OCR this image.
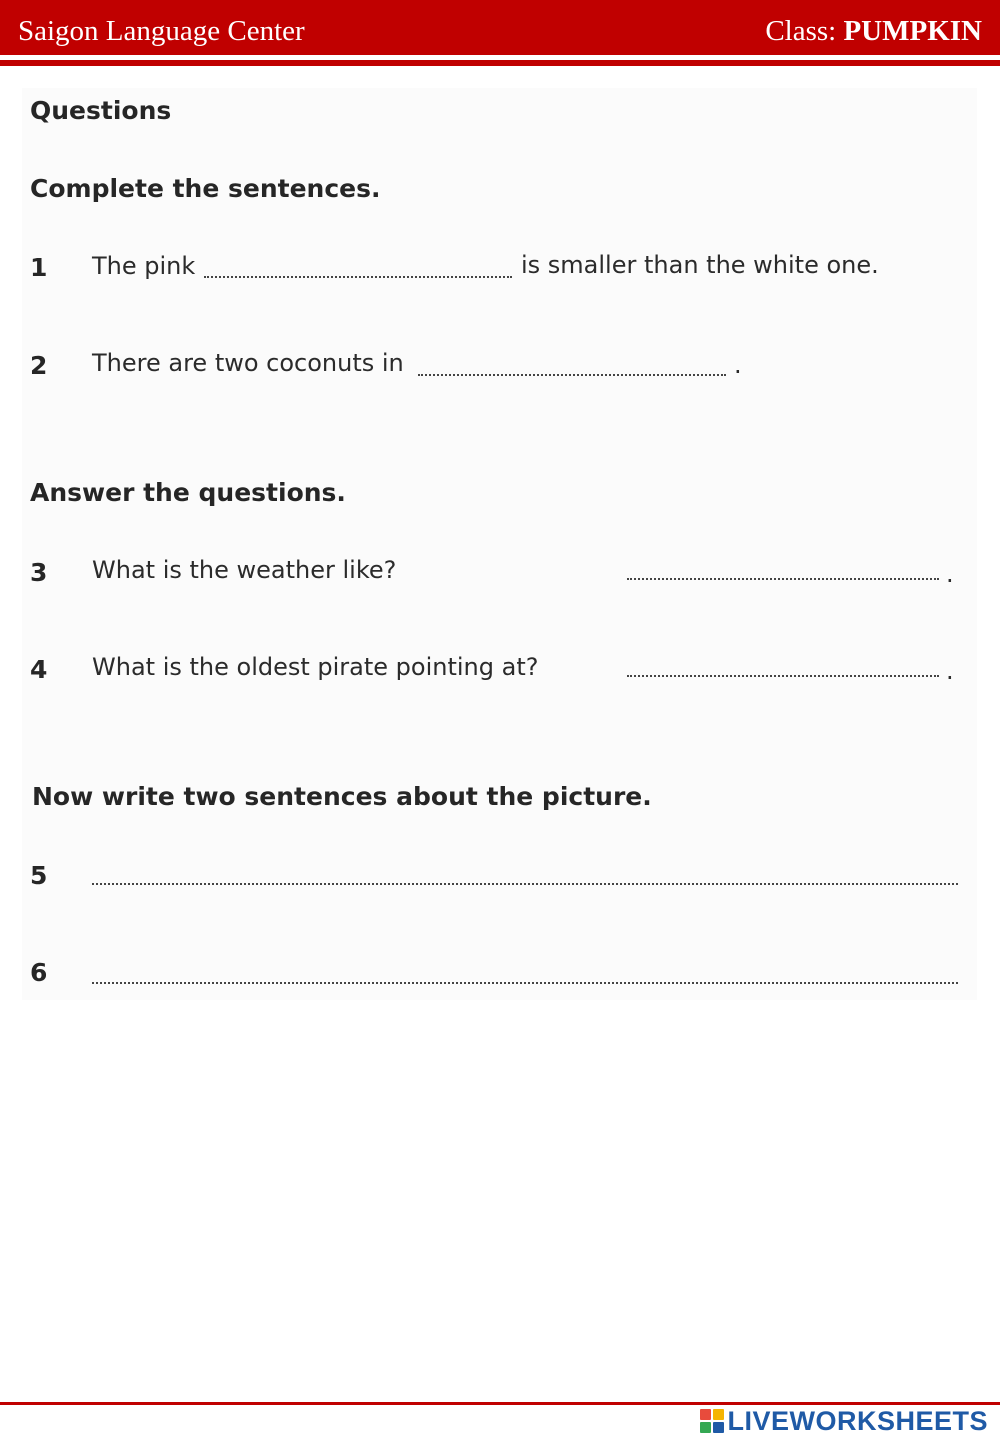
Saigon Language Center	Class: PUMPKIN
Questions
Complete the sentences.
1 The pink	is smaller than the white one.
2 There are two coconuts in	.
Answer the questions.
3 What is the weather like?	.
4 What is the oldest pirate pointing at?	.
Now write two sentences about the picture.
5
6
LIVEWORKSHEETS
